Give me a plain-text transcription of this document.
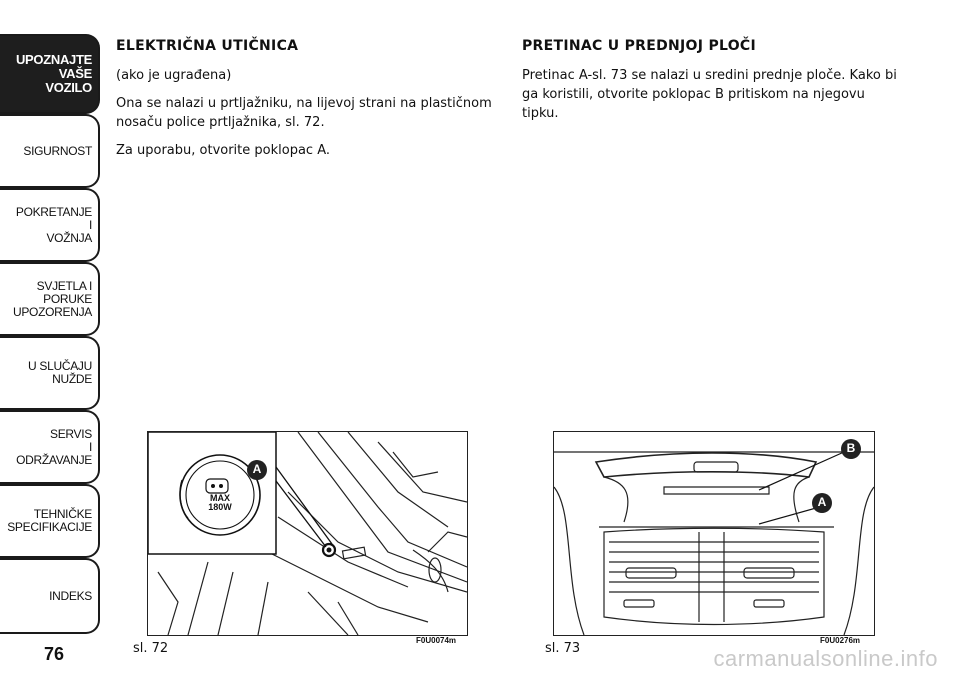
UPOZNAJTE
VAŠE
VOZILO
SIGURNOST
POKRETANJE
I
VOŽNJA
SVJETLA I
PORUKE
UPOZORENJA
U SLUČAJU
NUŽDE
SERVIS
I
ODRŽAVANJE
TEHNIČKE
SPECIFIKACIJE
INDEKS
76
ELEKTRIČNA UTIČNICA

(ako je ugrađena)

Ona se nalazi u prtljažniku, na lijevoj strani na plastičnom nosaču police prtljažnika, sl. 72.

Za uporabu, otvorite poklopac A.

PRETINAC U PREDNJOJ PLOČI

Pretinac A-sl. 73 se nalazi u sredini prednje ploče. Kako bi ga koristili, otvorite poklopac B pritiskom na njegovu tipku.

A
MAX
180W
sl. 72
F0U0074m
B
A
sl. 73
F0U0276m
carmanualsonline.info
